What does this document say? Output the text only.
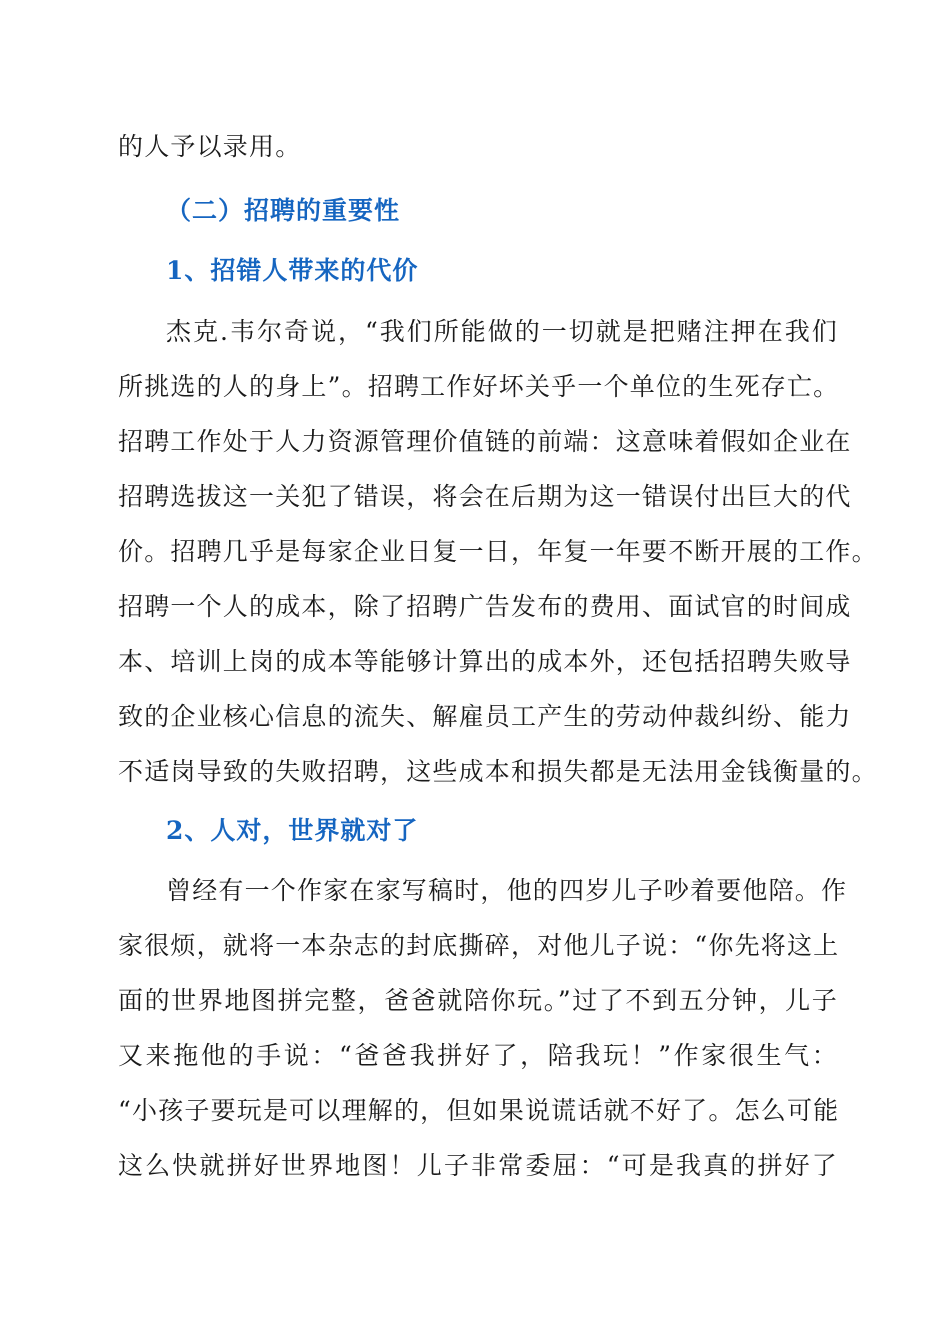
的人予以录用。
（二）招聘的重要性
1、招错人带来的代价
杰克.韦尔奇说，“我们所能做的一切就是把赌注押在我们
所挑选的人的身上”。招聘工作好坏关乎一个单位的生死存亡。
招聘工作处于人力资源管理价值链的前端：这意味着假如企业在
招聘选拔这一关犯了错误，将会在后期为这一错误付出巨大的代
价。招聘几乎是每家企业日复一日，年复一年要不断开展的工作。
招聘一个人的成本，除了招聘广告发布的费用、面试官的时间成
本、培训上岗的成本等能够计算出的成本外，还包括招聘失败导
致的企业核心信息的流失、解雇员工产生的劳动仲裁纠纷、能力
不适岗导致的失败招聘，这些成本和损失都是无法用金钱衡量的。
2、人对，世界就对了
曾经有一个作家在家写稿时，他的四岁儿子吵着要他陪。作
家很烦，就将一本杂志的封底撕碎，对他儿子说：“你先将这上
面的世界地图拼完整，爸爸就陪你玩。”过了不到五分钟，儿子
又来拖他的手说：“爸爸我拼好了，陪我玩！”作家很生气：
“小孩子要玩是可以理解的，但如果说谎话就不好了。怎么可能
这么快就拼好世界地图！儿子非常委屈：“可是我真的拼好了
